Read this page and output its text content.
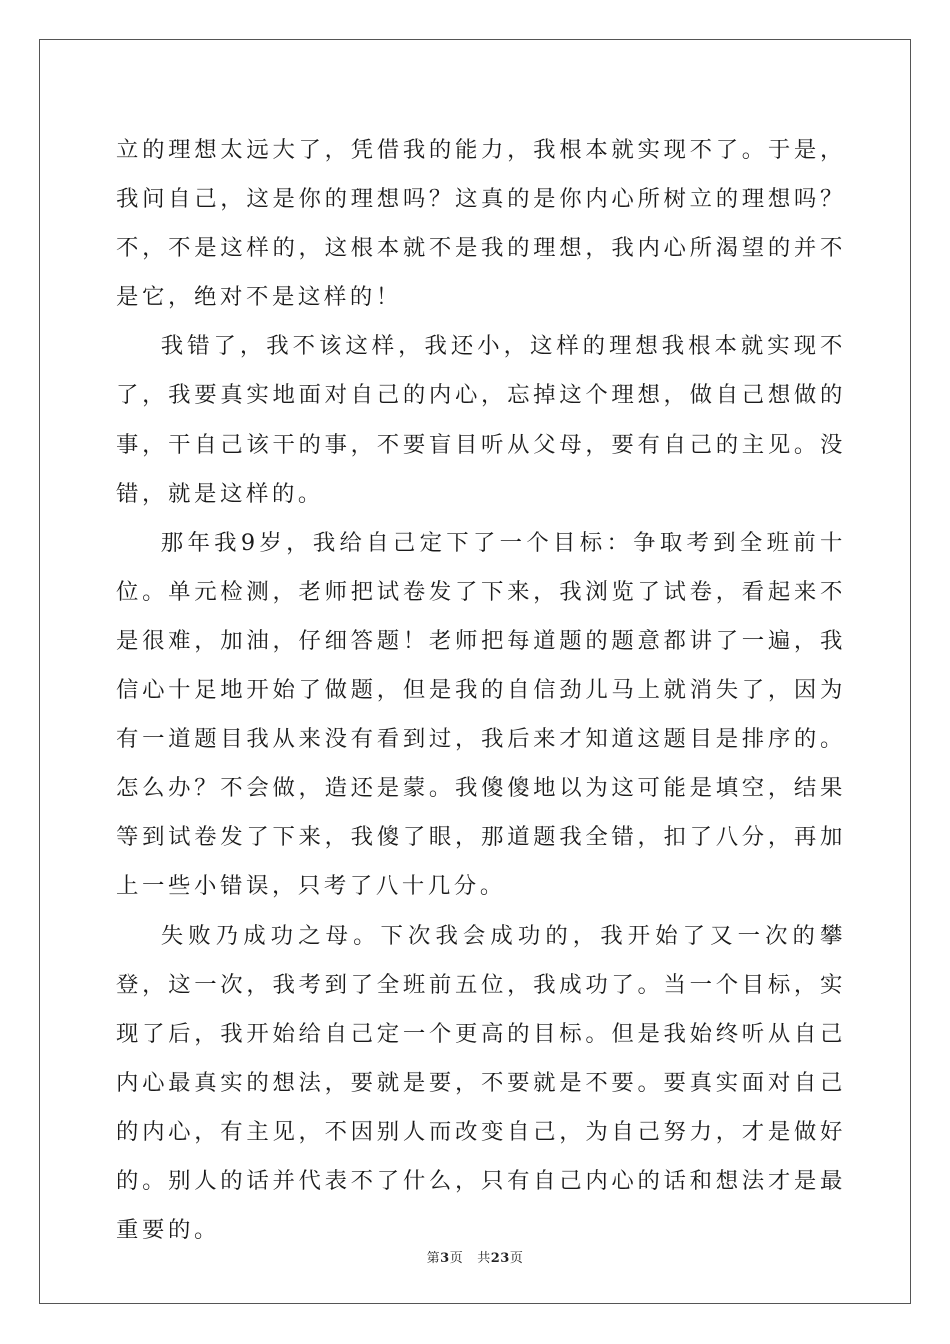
立的理想太远大了，凭借我的能力，我根本就实现不了。于是，我问自己，这是你的理想吗？这真的是你内心所树立的理想吗？不，不是这样的，这根本就不是我的理想，我内心所渴望的并不是它，绝对不是这样的！

我错了，我不该这样，我还小，这样的理想我根本就实现不了，我要真实地面对自己的内心，忘掉这个理想，做自己想做的事，干自己该干的事，不要盲目听从父母，要有自己的主见。没错，就是这样的。

那年我9岁，我给自己定下了一个目标：争取考到全班前十位。单元检测，老师把试卷发了下来，我浏览了试卷，看起来不是很难，加油，仔细答题！老师把每道题的题意都讲了一遍，我信心十足地开始了做题，但是我的自信劲儿马上就消失了，因为有一道题目我从来没有看到过，我后来才知道这题目是排序的。怎么办？不会做，造还是蒙。我傻傻地以为这可能是填空，结果等到试卷发了下来，我傻了眼，那道题我全错，扣了八分，再加上一些小错误，只考了八十几分。

失败乃成功之母。下次我会成功的，我开始了又一次的攀登，这一次，我考到了全班前五位，我成功了。当一个目标，实现了后，我开始给自己定一个更高的目标。但是我始终听从自己内心最真实的想法，要就是要，不要就是不要。要真实面对自己的内心，有主见，不因别人而改变自己，为自己努力，才是做好的。别人的话并代表不了什么，只有自己内心的话和想法才是最重要的。

第3页 共23页
